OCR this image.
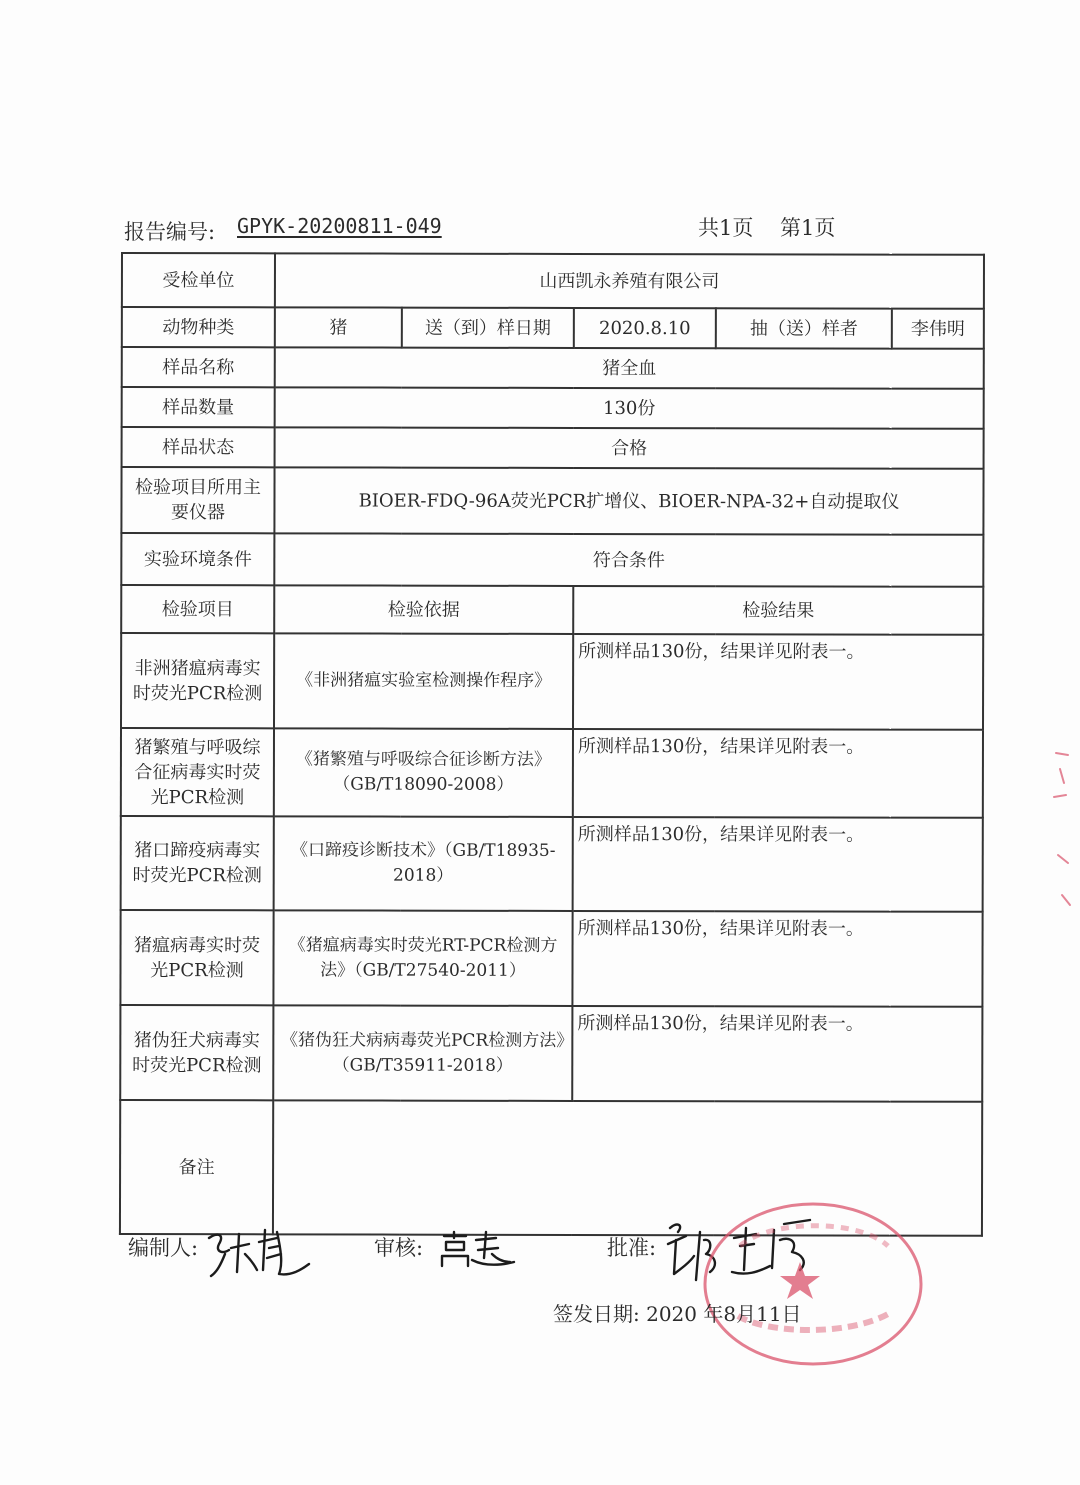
报告编号: GPYK-20200811-049	共1页 第1页
受检单位	山西凯永养殖有限公司				
动物种类	猪	送（到）样日期	2020.8.10	抽（送）样者	李伟明
样品名称	猪全血				
样品数量	130份				
样品状态	合格				
检验项目所用主要仪器	BIOER-FDQ-96A荧光PCR扩增仪、BIOER-NPA-32+自动提取仪				
实验环境条件	符合条件				
检验项目	检验依据		检验结果		
非洲猪瘟病毒实时荧光PCR检测	《非洲猪瘟实验室检测操作程序》		所测样品130份，结果详见附表一。		
猪繁殖与呼吸综合征病毒实时荧光PCR检测	《猪繁殖与呼吸综合征诊断方法》（GB/T18090-2008）		所测样品130份，结果详见附表一。		
猪口蹄疫病毒实时荧光PCR检测	《口蹄疫诊断技术》（GB/T18935-2018）		所测样品130份，结果详见附表一。		
猪瘟病毒实时荧光PCR检测	《猪瘟病毒实时荧光RT-PCR检测方法》（GB/T27540-2011）		所测样品130份，结果详见附表一。		
猪伪狂犬病毒实时荧光PCR检测	《猪伪狂犬病病毒荧光PCR检测方法》（GB/T35911-2018）		所测样品130份，结果详见附表一。		
备注					
编制人:	审核:	批准:
签发日期: 2020 年8月11日
